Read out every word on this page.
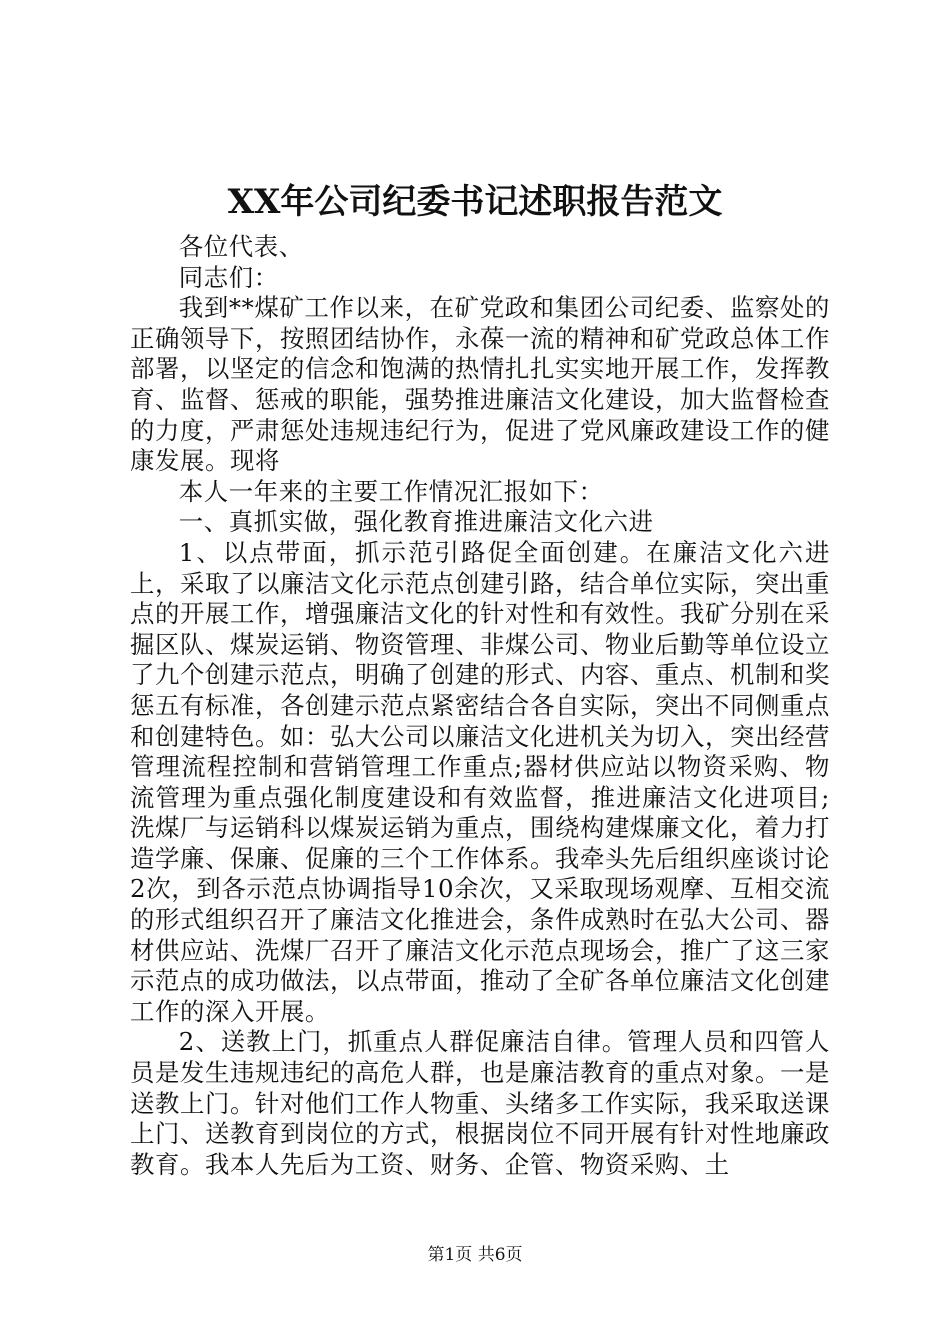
XX年公司纪委书记述职报告范文

各位代表、

同志们：

我到**煤矿工作以来，在矿党政和集团公司纪委、监察处的正确领导下，按照团结协作，永葆一流的精神和矿党政总体工作部署，以坚定的信念和饱满的热情扎扎实实地开展工作，发挥教育、监督、惩戒的职能，强势推进廉洁文化建设，加大监督检查的力度，严肃惩处违规违纪行为，促进了党风廉政建设工作的健康发展。现将

本人一年来的主要工作情况汇报如下：

一、真抓实做，强化教育推进廉洁文化六进

1、以点带面，抓示范引路促全面创建。在廉洁文化六进上，采取了以廉洁文化示范点创建引路，结合单位实际，突出重点的开展工作，增强廉洁文化的针对性和有效性。我矿分别在采掘区队、煤炭运销、物资管理、非煤公司、物业后勤等单位设立了九个创建示范点，明确了创建的形式、内容、重点、机制和奖惩五有标准，各创建示范点紧密结合各自实际，突出不同侧重点和创建特色。如：弘大公司以廉洁文化进机关为切入，突出经营管理流程控制和营销管理工作重点;器材供应站以物资采购、物流管理为重点强化制度建设和有效监督，推进廉洁文化进项目;洗煤厂与运销科以煤炭运销为重点，围绕构建煤廉文化，着力打造学廉、保廉、促廉的三个工作体系。我牵头先后组织座谈讨论2次，到各示范点协调指导10余次，又采取现场观摩、互相交流的形式组织召开了廉洁文化推进会，条件成熟时在弘大公司、器材供应站、洗煤厂召开了廉洁文化示范点现场会，推广了这三家示范点的成功做法，以点带面，推动了全矿各单位廉洁文化创建工作的深入开展。

2、送教上门，抓重点人群促廉洁自律。管理人员和四管人员是发生违规违纪的高危人群，也是廉洁教育的重点对象。一是送教上门。针对他们工作人物重、头绪多工作实际，我采取送课上门、送教育到岗位的方式，根据岗位不同开展有针对性地廉政教育。我本人先后为工资、财务、企管、物资采购、土

第1页 共6页
